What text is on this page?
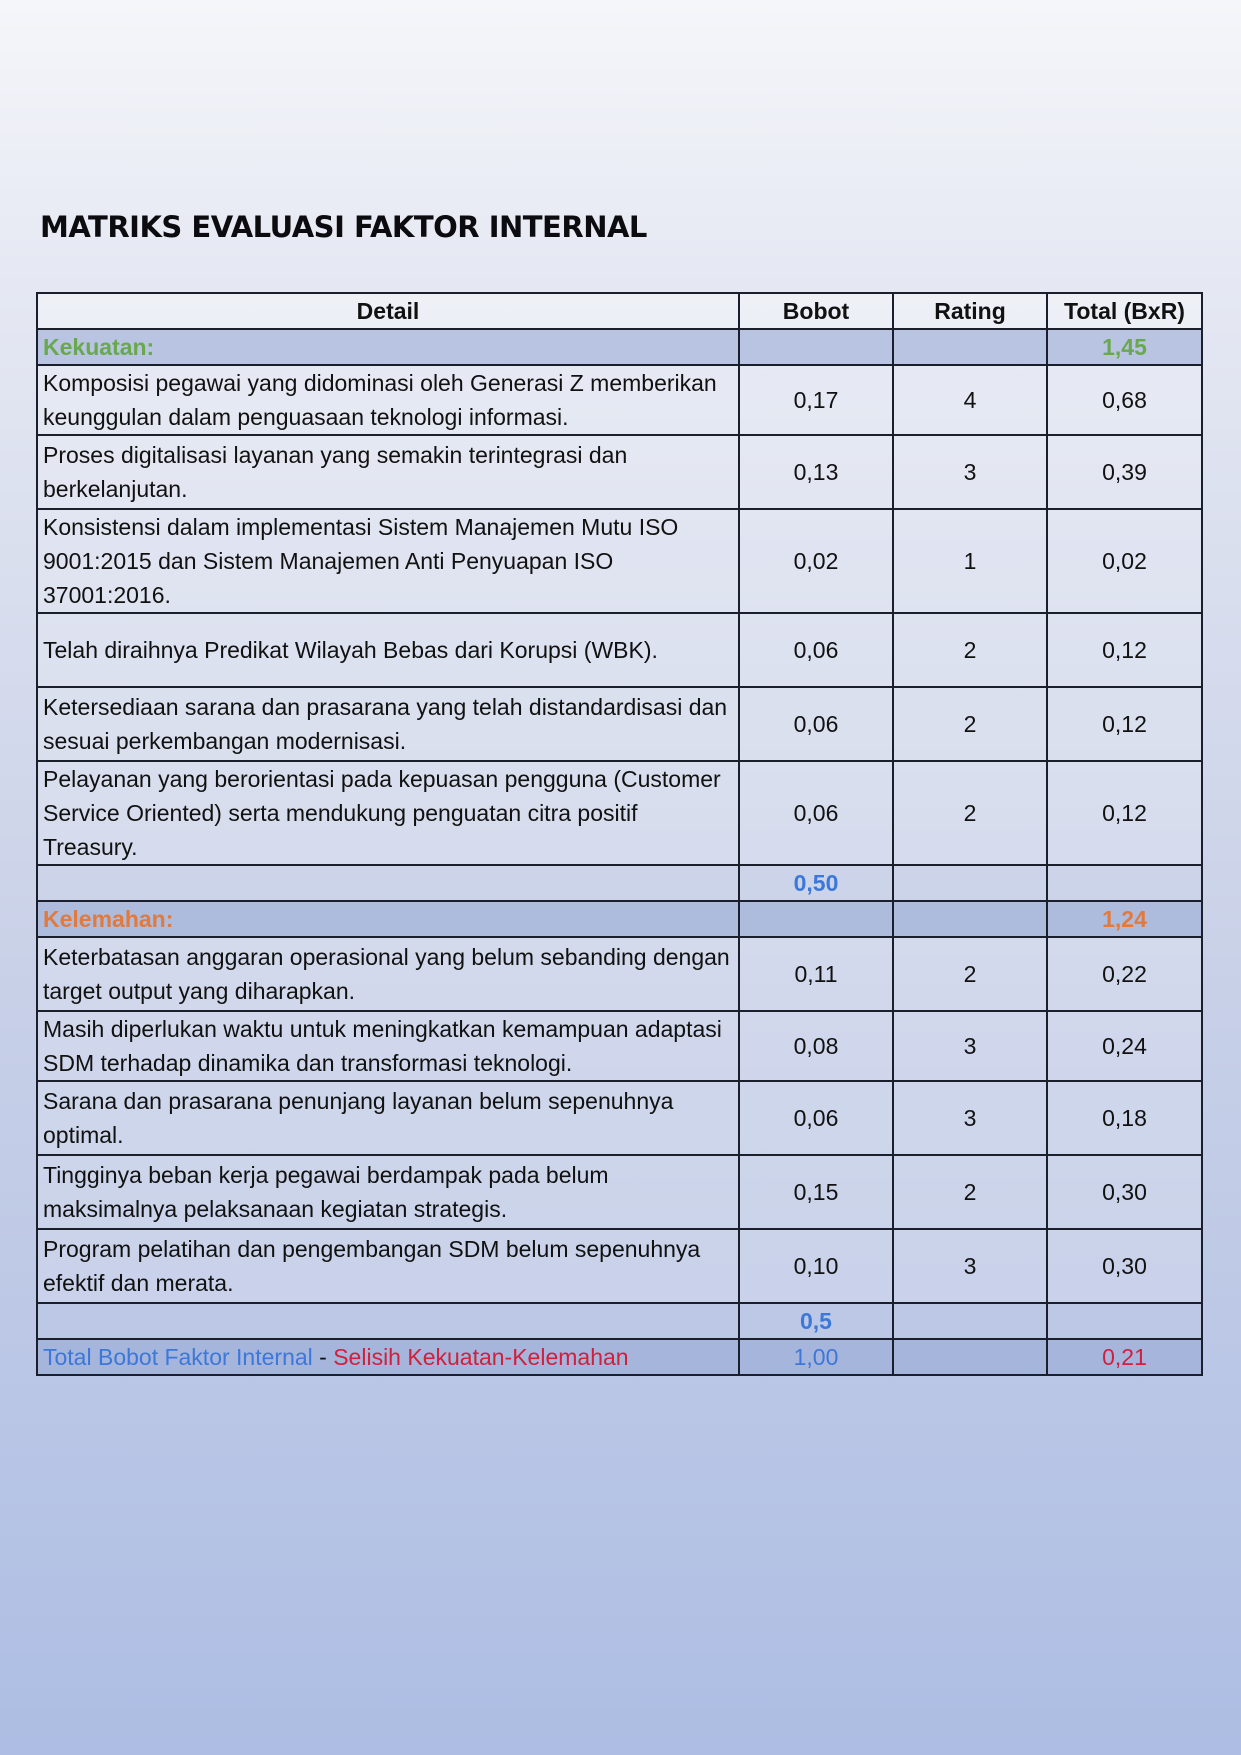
MATRIKS EVALUASI FAKTOR INTERNAL
Detail	Bobot	Rating	Total (BxR)
Kekuatan:			1,45
Komposisi pegawai yang didominasi oleh Generasi Z memberikan keunggulan dalam penguasaan teknologi informasi.	0,17	4	0,68
Proses digitalisasi layanan yang semakin terintegrasi dan berkelanjutan.	0,13	3	0,39
Konsistensi dalam implementasi Sistem Manajemen Mutu ISO 9001:2015 dan Sistem Manajemen Anti Penyuapan ISO 37001:2016.	0,02	1	0,02
Telah diraihnya Predikat Wilayah Bebas dari Korupsi (WBK).	0,06	2	0,12
Ketersediaan sarana dan prasarana yang telah distandardisasi dan sesuai perkembangan modernisasi.	0,06	2	0,12
Pelayanan yang berorientasi pada kepuasan pengguna (Customer Service Oriented) serta mendukung penguatan citra positif Treasury.	0,06	2	0,12
	0,50		
Kelemahan:			1,24
Keterbatasan anggaran operasional yang belum sebanding dengan target output yang diharapkan.	0,11	2	0,22
Masih diperlukan waktu untuk meningkatkan kemampuan adaptasi SDM terhadap dinamika dan transformasi teknologi.	0,08	3	0,24
Sarana dan prasarana penunjang layanan belum sepenuhnya optimal.	0,06	3	0,18
Tingginya beban kerja pegawai berdampak pada belum maksimalnya pelaksanaan kegiatan strategis.	0,15	2	0,30
Program pelatihan dan pengembangan SDM belum sepenuhnya efektif dan merata.	0,10	3	0,30
	0,5		
Total Bobot Faktor Internal - Selisih Kekuatan-Kelemahan	1,00		0,21
